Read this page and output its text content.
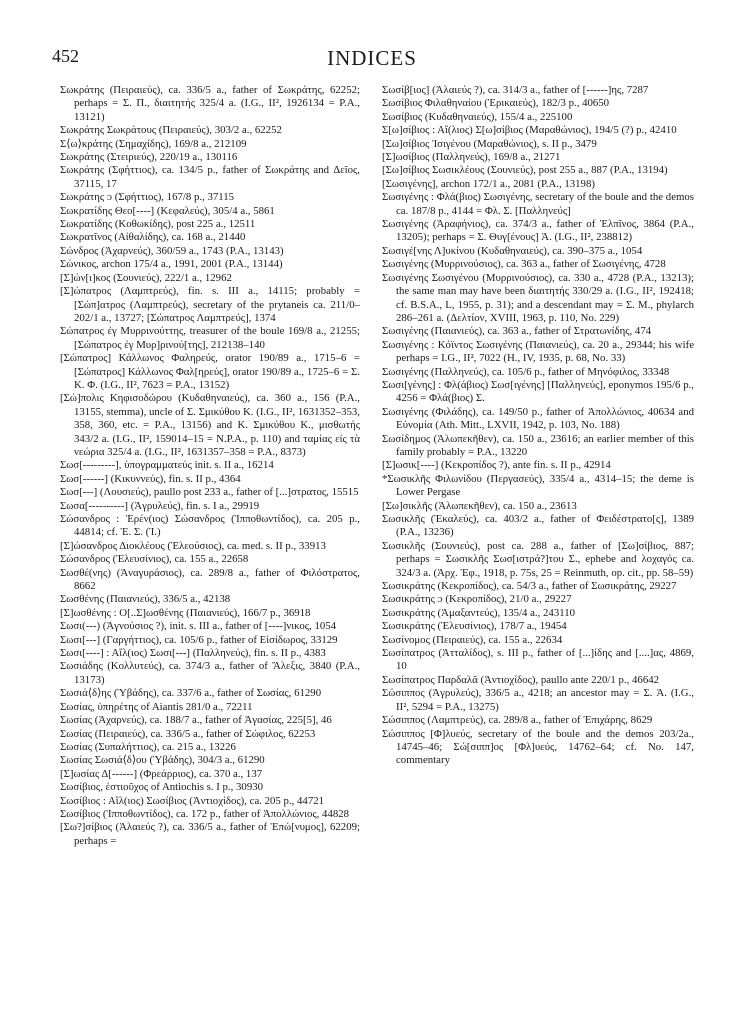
452	INDICES

Σωκράτης (Πειραιεύς), ca. 336/5 a., father of Σωκράτης, 62252; perhaps = Σ. Π., διαιτητής 325/4 a. (I.G., II², 1926134 = P.A., 13121)

Σωκράτης Σωκράτους (Πειραιεύς), 303/2 a., 62252

Σ⟨ω⟩κράτης (Σημαχίδης), 169/8 a., 212109

Σωκράτης (Στειριεύς), 220/19 a., 130116

Σωκράτης (Σφήττιος), ca. 134/5 p., father of Σωκράτης and Δεῖος, 37115, 17

Σωκράτης ᴐ (Σφήττιος), 167/8 p., 37115

Σωκρατίδης Θεο[----] (Κεφαλεύς), 305/4 a., 5861

Σωκρατίδης (Κοθωκίδης), post 225 a., 12511

Σωκρατῖνος (Αἰθαλίδης), ca. 168 a., 21440

Σώνδρος (Ἀχαρνεύς), 360/59 a., 1743 (P.A., 13143)

Σώνικος, archon 175/4 a., 1991, 2001 (P.A., 13144)

[Σ]ών[ι]κος (Σουνιεύς), 222/1 a., 12962

[Σ]ώπατρος (Λαμπτρεύς), fin. s. III a., 14115; probably = [Σώπ]ατρος (Λαμπτρεύς), secretary of the prytaneis ca. 211/0–202/1 a., 13727; [Σώπατρος Λαμπτρεύς], 1374

Σώπατρος ἐγ Μυρρινούττης, treasurer of the boule 169/8 a., 21255; [Σώπατρος ἐγ Μυρ]ρινού[της], 212138–140

[Σώπατρος] Κάλλωνος Φαληρεύς, orator 190/89 a., 1715–6 = [Σώπατρος] Κάλλωνος Φαλ[ηρεύς], orator 190/89 a., 1725–6 = Σ. Κ. Φ. (I.G., II², 7623 = P.A., 13152)

[Σώ]πολις Κηφισοδώρου (Κυδαθηναιεύς), ca. 360 a., 156 (P.A., 13155, stemma), uncle of Σ. Σμικύθου Κ. (I.G., II², 1631352–353, 358, 360, etc. = P.A., 13156) and Κ. Σμικύθου Κ., μισθωτής 343/2 a. (I.G., II², 159014–15 = N.P.A., p. 110) and ταμίας εἰς τὰ νεώρια 325/4 a. (I.G., II², 1631357–358 = P.A., 8373)

Σωσ[---------], ὑπογραμματεύς init. s. II a., 16214

Σωσ[------] (Κικυννεύς), fin. s. II p., 4364

Σωσ[---] (Λουσιεύς), paullo post 233 a., father of [...]στρατος, 15515

Σωσα[----------] (Ἀγρυλεύς), fin. s. I a., 29919

Σώσανδρος : Ἐρέν(ιος) Σώσανδρος (Ἱπποθωντίδος), ca. 205 p., 44814; cf. Ἐ. Σ. (Ἱ.)

[Σ]ώσανδρος Διοκλέους (Ἐλεούσιος), ca. med. s. II p., 33913

Σώσανδρος (Ἐλευσίνιος), ca. 155 a., 22658

Σωσθέ(νης) (Ἀναγυράσιος), ca. 289/8 a., father of Φιλόστρατος, 8662

Σωσθένης (Παιανιεύς), 336/5 a., 42138

[Σ]ωσθένης : Ο[..Σ]ωσθένης (Παιανιεύς), 166/7 p., 36918

Σωσι(---) (Ἀγνούσιος ?), init. s. III a., father of [----]νικος, 1054

Σωσι[---] (Γαργήττιος), ca. 105/6 p., father of Εἰσίδωρος, 33129

Σωσι[----] : Αἴλ(ιος) Σωσι[---] (Παλληνεύς), fin. s. II p., 4383

Σωσιάδης (Κολλυτεύς), ca. 374/3 a., father of Ἄλεξις, 3840 (P.A., 13173)

Σωσιά⟨δ⟩ης (Ὑβάδης), ca. 337/6 a., father of Σωσίας, 61290

Σωσίας, ὑπηρέτης of Aiantis 281/0 a., 72211

Σωσίας (Ἀχαρνεύς), ca. 188/7 a., father of Ἀγασίας, 225[5], 46

Σωσίας (Πειραιεύς), ca. 336/5 a., father of Σώφιλος, 62253

Σωσίας (Συπαλήττιος), ca. 215 a., 13226

Σωσίας Σωσιά⟨δ⟩ου (Ὑβάδης), 304/3 a., 61290

[Σ]ωσίας Δ[------] (Φρεάρριος), ca. 370 a., 137

Σωσίβιος, ἑστιοῦχος of Antiochis s. I p., 30930

Σωσίβιος : Αἴλ(ιος) Σωσίβιος (Ἀντιοχίδος), ca. 205 p., 44721

Σωσίβιος (Ἱπποθωντίδος), ca. 172 p., father of Ἀπολλώνιος, 44828

[Σω?]σίβιος (Ἁλαιεύς ?), ca. 336/5 a., father of Ἐπώ[νυμος], 62209; perhaps =

Σωσίβ[ιος] (Ἁλαιεύς ?), ca. 314/3 a., father of [------]ης, 7287

Σωσίβιος Φιλαθηναίου (Ἐρικαιεύς), 182/3 p., 40650

Σωσίβιος (Κυδαθηναιεύς), 155/4 a., 225100

Σ[ω]σίβιος : Αἴ(λιος) Σ[ω]σίβιος (Μαραθώνιος), 194/5 (?) p., 42410

[Σω]σίβιος Ἰσιγένου (Μαραθώνιος), s. II p., 3479

[Σ]ωσίβιος (Παλληνεύς), 169/8 a., 21271

[Σω]σίβιος Σωσικλέους (Σουνιεύς), post 255 a., 887 (P.A., 13194)

[Σωσιγένης], archon 172/1 a., 2081 (P.A., 13198)

Σωσιγένης : Φλά(βιος) Σωσιγένης, secretary of the boule and the demos ca. 187/8 p., 4144 = Φλ. Σ. [Παλληνεύς]

Σωσιγένης (Ἀραφήνιος), ca. 374/3 a., father of Ἐλπῖνος, 3864 (P.A., 13205); perhaps = Σ. Θυγ[ένους] Ἀ. (I.G., II², 238812)

Σωσιγέ[νης Λ]υκίνου (Κυδαθηναιεύς), ca. 390–375 a., 1054

Σωσιγένης (Μυρρινούσιος), ca. 363 a., father of Σωσιγένης, 4728

Σωσιγένης Σωσιγένου (Μυρρινούσιος), ca. 330 a., 4728 (P.A., 13213); the same man may have been διαιτητής 330/29 a. (I.G., II², 192418; cf. B.S.A., L, 1955, p. 31); and a descendant may = Σ. Μ., phylarch 286–261 a. (Δελτίον, XVIII, 1963, p. 110, No. 229)

Σωσιγένης (Παιανιεύς), ca. 363 a., father of Στρατωνίδης, 474

Σωσιγένης : Κόϊντος Σωσιγένης (Παιανιεύς), ca. 20 a., 29344; his wife perhaps = I.G., II², 7022 (H., IV, 1935, p. 68, No. 33)

Σωσιγένης (Παλληνεύς), ca. 105/6 p., father of Μηνόφιλος, 33348

Σωσι[γένης] : Φλ(άβιος) Σωσ[ιγένης] [Παλληνεύς], eponymos 195/6 p., 4256 = Φλά(βιος) Σ.

Σωσιγένης (Φιλάδης), ca. 149/50 p., father of Ἀπολλώνιος, 40634 and Εὐνομία (Ath. Mitt., LXVII, 1942, p. 103, No. 188)

Σωσίδημος (Ἀλωπεκῆθεν), ca. 150 a., 23616; an earlier member of this family probably = P.A., 13220

[Σ]ωσικ[----] (Κεκροπίδος ?), ante fin. s. II p., 42914

*Σωσικλῆς Φιλωνίδου (Περγασεύς), 335/4 a., 4314–15; the deme is Lower Pergase

[Σω]σικλῆς (Ἀλωπεκῆθεν), ca. 150 a., 23613

Σωσικλῆς (Ἐκαλεύς), ca. 403/2 a., father of Φειδέστρατο[ς], 1389 (P.A., 13236)

Σωσικλῆς (Σουνιεύς), post ca. 288 a., father of [Σω]σίβιος, 887; perhaps = Σωσικλῆς Σωσ[ιστρά?]του Σ., ephebe and λοχαγός ca. 324/3 a. (Ἀρχ. Ἐφ., 1918, p. 75s, 25 = Reinmuth, op. cit., pp. 58–59)

Σωσικράτης (Κεκροπίδος), ca. 54/3 a., father of Σωσικράτης, 29227

Σωσικράτης ᴐ (Κεκροπίδος), 21/0 a., 29227

Σωσικράτης (Ἀμαξαντεύς), 135/4 a., 243110

Σωσικράτης (Ἐλευσίνιος), 178/7 a., 19454

Σωσίνομος (Πειραιεύς), ca. 155 a., 22634

Σωσίπατρος (Ἀτταλίδος), s. III p., father of [...]ίδης and [....]ας, 4869, 10

Σωσίπατρος Παρδαλᾶ (Ἀντιοχίδος), paullo ante 220/1 p., 46642

Σώσιππος (Ἀγρυλεύς), 336/5 a., 4218; an ancestor may = Σ. Ἀ. (I.G., II², 5294 = P.A., 13275)

Σώσιππος (Λαμπτρεύς), ca. 289/8 a., father of Ἐπιχάρης, 8629

Σώσιππος [Φ]λυεύς, secretary of the boule and the demos 203/2a., 14745–46; Σώ[σιππ]ος [Φλ]υεύς, 14762–64; cf. No. 147, commentary
